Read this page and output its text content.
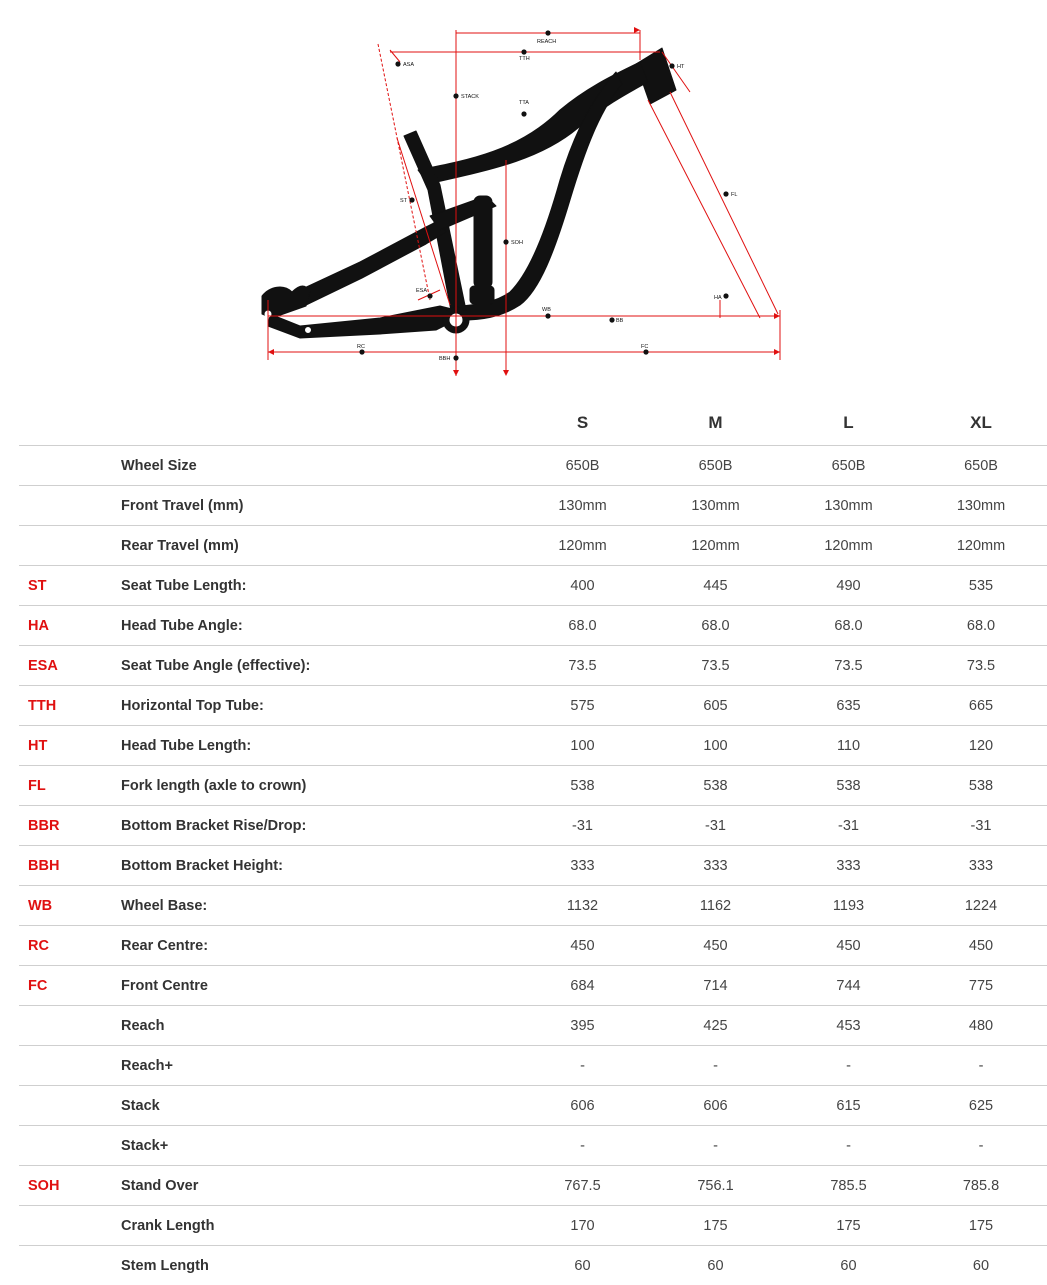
REACH
TTH
ASA
STACK
TTA
HT
ST
SOH
FL
ESA
HA
WB
BB
RC	FC
BBH
		S	M	L	XL
	Wheel Size	650B	650B	650B	650B
	Front Travel (mm)	130mm	130mm	130mm	130mm
	Rear Travel (mm)	120mm	120mm	120mm	120mm
ST	Seat Tube Length:	400	445	490	535
HA	Head Tube Angle:	68.0	68.0	68.0	68.0
ESA	Seat Tube Angle (effective):	73.5	73.5	73.5	73.5
TTH	Horizontal Top Tube:	575	605	635	665
HT	Head Tube Length:	100	100	110	120
FL	Fork length (axle to crown)	538	538	538	538
BBR	Bottom Bracket Rise/Drop:	-31	-31	-31	-31
BBH	Bottom Bracket Height:	333	333	333	333
WB	Wheel Base:	1132	1162	1193	1224
RC	Rear Centre:	450	450	450	450
FC	Front Centre	684	714	744	775
	Reach	395	425	453	480
	Reach+	-	-	-	-
	Stack	606	606	615	625
	Stack+	-	-	-	-
SOH	Stand Over	767.5	756.1	785.5	785.8
	Crank Length	170	175	175	175
	Stem Length	60	60	60	60
